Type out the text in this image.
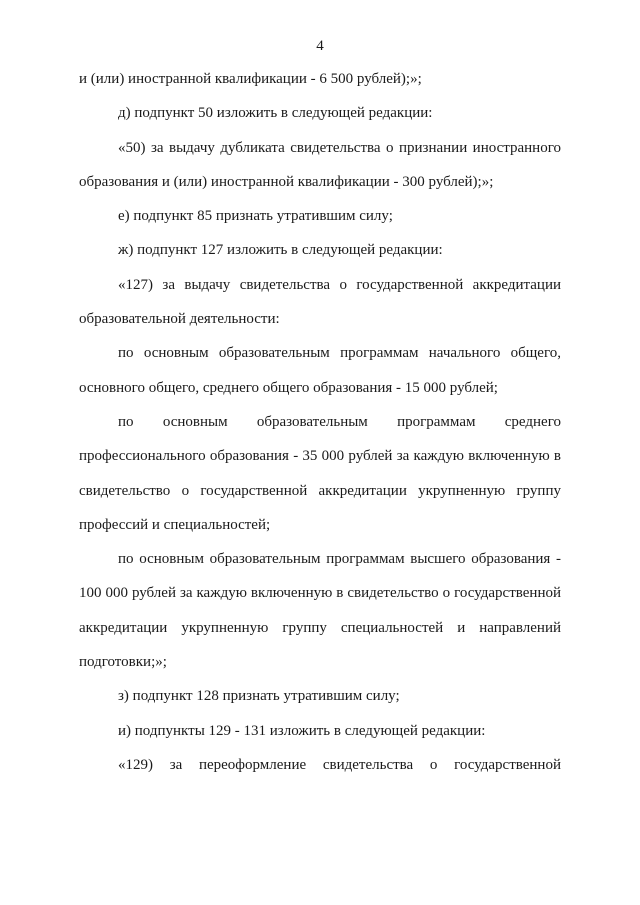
4

и (или) иностранной квалификации - 6 500 рублей);»;

д) подпункт 50 изложить в следующей редакции:

«50) за выдачу дубликата свидетельства о признании иностранного образования и (или) иностранной квалификации - 300 рублей);»;

е) подпункт 85 признать утратившим силу;

ж) подпункт 127 изложить в следующей редакции:

«127) за выдачу свидетельства о государственной аккредитации образовательной деятельности:

по основным образовательным программам начального общего, основного общего, среднего общего образования - 15 000 рублей;

по основным образовательным программам среднего профессионального образования - 35 000 рублей за каждую включенную в свидетельство о государственной аккредитации укрупненную группу профессий и специальностей;

по основным образовательным программам высшего образования - 100 000 рублей за каждую включенную в свидетельство о государственной аккредитации укрупненную группу специальностей и направлений подготовки;»;

з) подпункт 128 признать утратившим силу;

и) подпункты 129 - 131 изложить в следующей редакции:

«129) за переоформление свидетельства о государственной
